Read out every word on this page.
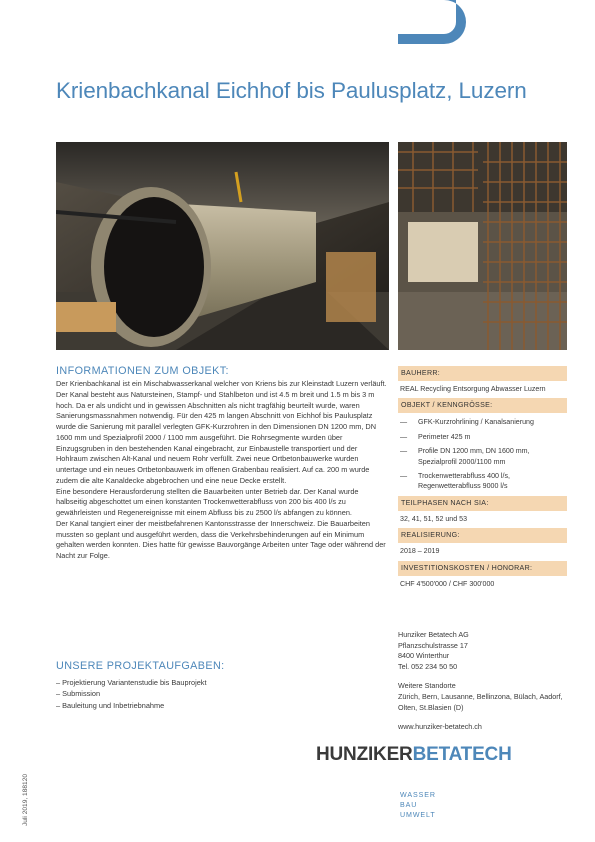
Krienbachkanal Eichhof bis Paulusplatz, Luzern
INFORMATIONEN ZUM OBJEKT:

Der Krienbachkanal ist ein Mischabwasserkanal welcher von Kriens bis zur Kleinstadt Luzern verläuft. Der Kanal besteht aus Natursteinen, Stampf- und Stahlbeton und ist 4.5 m breit und 1.5 m bis 3 m hoch. Da er als undicht und in gewissen Abschnitten als nicht tragfähig beurteilt wurde, waren Sanierungsmassnahmen notwendig. Für den 425 m langen Abschnitt von Eichhof bis Paulusplatz wurde die Sanierung mit parallel verlegten GFK-Kurzrohren in den Dimensionen DN 1200 mm, DN 1600 mm und Spezialprofil 2000 / 1100 mm ausgeführt. Die Rohrsegmente wurden über Einzugsgruben in den bestehenden Kanal eingebracht, zur Einbaustelle transportiert und der Hohlraum zwischen Alt-Kanal und neuem Rohr verfüllt. Zwei neue Ortbetonbauwerke wurden untertage und ein neues Ortbetonbauwerk im offenen Grabenbau realisiert. Auf ca. 200 m wurde zudem die alte Kanaldecke abgebrochen und eine neue Decke erstellt.

Eine besondere Herausforderung stellten die Bauarbeiten unter Betrieb dar. Der Kanal wurde halbseitig abgeschottet um einen konstanten Trockenwetterabfluss von 200 bis 400 l/s zu gewährleisten und Regenereignisse mit einem Abfluss bis zu 2500 l/s abfangen zu können.

Der Kanal tangiert einer der meistbefahrenen Kantonsstrasse der Innerschweiz. Die Bauarbeiten mussten so geplant und ausgeführt werden, dass die Verkehrsbehinderungen auf ein Minimum gehalten werden konnten. Dies hatte für gewisse Bauvorgänge Arbeiten unter Tage oder während der Nacht zur Folge.

UNSERE PROJEKTAUFGABEN:
– Projektierung Variantenstudie bis Bauprojekt
– Submission
– Bauleitung und Inbetriebnahme
BAUHERR:
REAL Recycling Entsorgung Abwasser Luzern
OBJEKT / KENNGRÖSSE:
— GFK-Kurzrohrlining / Kanalsanierung
— Perimeter 425 m
— Profile DN 1200 mm, DN 1600 mm, Spezialprofil 2000/1100 mm
— Trockenwetterabfluss 400 l/s, Regenwetterabfluss 9000 l/s
TEILPHASEN NACH SIA:
32, 41, 51, 52 und 53
REALISIERUNG:
2018 – 2019
INVESTITIONSKOSTEN / HONORAR:
CHF 4'500'000 / CHF 300'000
Hunziker Betatech AG
Pflanzschulstrasse 17
8400 Winterthur
Tel. 052 234 50 50
Weitere Standorte
Zürich, Bern, Lausanne, Bellinzona, Bülach, Aadorf, Olten, St.Blasien (D)
www.hunziker-betatech.ch
HUNZIKERBETATECH
WASSER
BAU
UMWELT
Juli 2019, 188120
